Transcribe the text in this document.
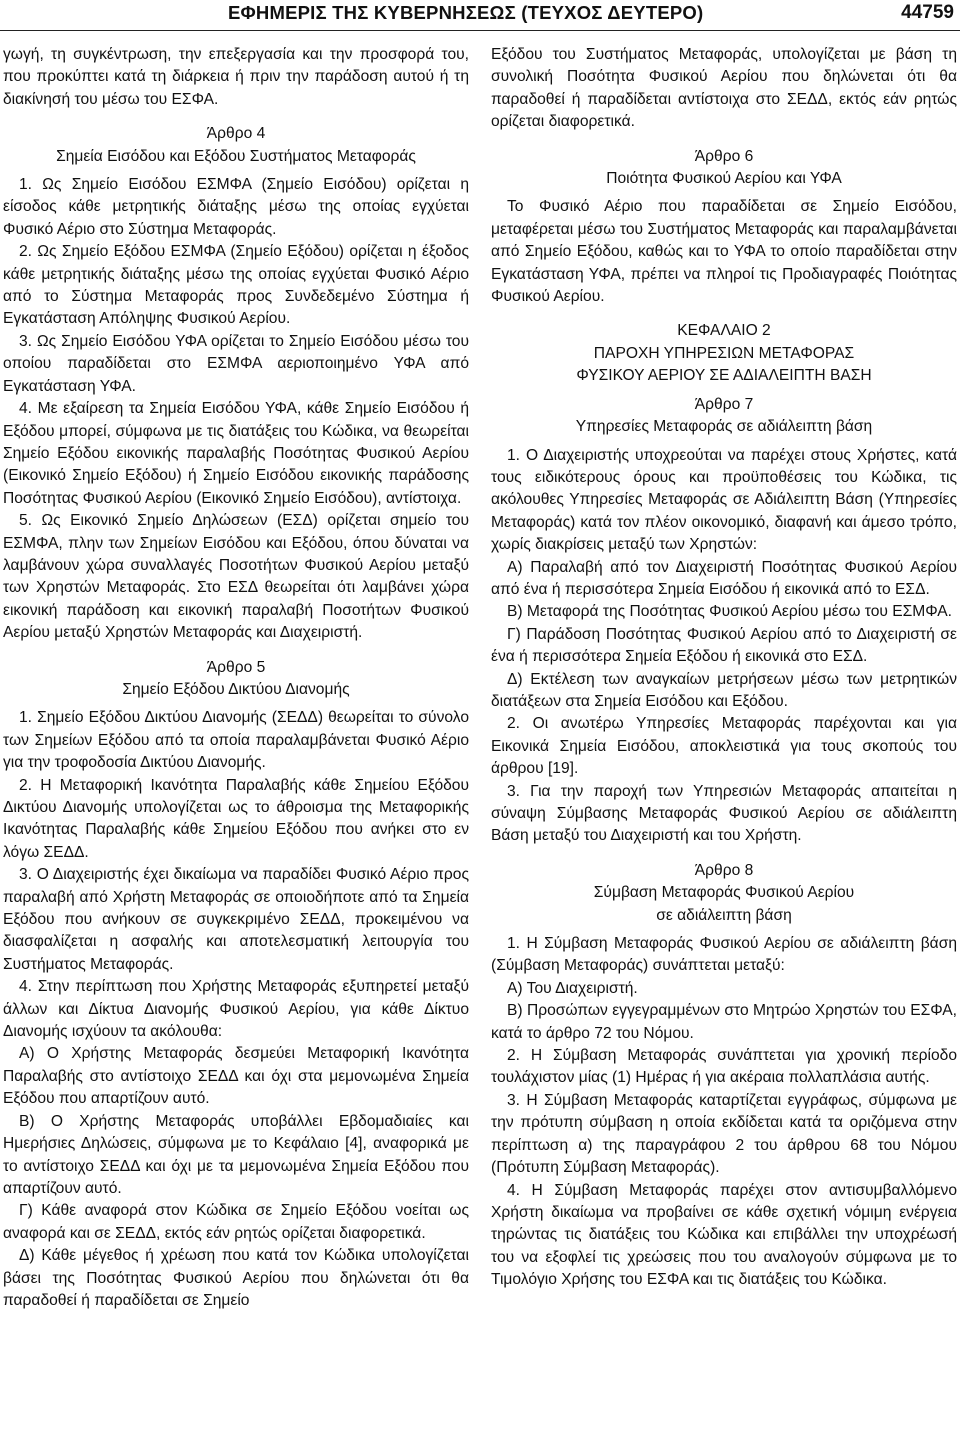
ΕΦΗΜΕΡΙΣ ΤΗΣ ΚΥΒΕΡΝΗΣΕΩΣ (ΤΕΥΧΟΣ ΔΕΥΤΕΡΟ)	44759

γωγή, τη συγκέντρωση, την επεξεργασία και την προσφορά του, που προκύπτει κατά τη διάρκεια ή πριν την παράδοση αυτού ή τη διακίνησή του μέσω του ΕΣΦΑ.

Άρθρο 4

Σημεία Εισόδου και Εξόδου Συστήματος Μεταφοράς

1. Ως Σημείο Εισόδου ΕΣΜΦΑ (Σημείο Εισόδου) ορίζεται η είσοδος κάθε μετρητικής διάταξης μέσω της οποίας εγχύεται Φυσικό Αέριο στο Σύστημα Μεταφοράς.

2. Ως Σημείο Εξόδου ΕΣΜΦΑ (Σημείο Εξόδου) ορίζεται η έξοδος κάθε μετρητικής διάταξης μέσω της οποίας εγχύεται Φυσικό Αέριο από το Σύστημα Μεταφοράς προς Συνδεδεμένο Σύστημα ή Εγκατάσταση Απόληψης Φυσικού Αερίου.

3. Ως Σημείο Εισόδου ΥΦΑ ορίζεται το Σημείο Εισόδου μέσω του οποίου παραδίδεται στο ΕΣΜΦΑ αεριοποιημένο ΥΦΑ από Εγκατάσταση ΥΦΑ.

4. Με εξαίρεση τα Σημεία Εισόδου ΥΦΑ, κάθε Σημείο Εισόδου ή Εξόδου μπορεί, σύμφωνα με τις διατάξεις του Κώδικα, να θεωρείται Σημείο Εξόδου εικονικής παραλαβής Ποσότητας Φυσικού Αερίου (Εικονικό Σημείο Εξόδου) ή Σημείο Εισόδου εικονικής παράδοσης Ποσότητας Φυσικού Αερίου (Εικονικό Σημείο Εισόδου), αντίστοιχα.

5. Ως Εικονικό Σημείο Δηλώσεων (ΕΣΔ) ορίζεται σημείο του ΕΣΜΦΑ, πλην των Σημείων Εισόδου και Εξόδου, όπου δύναται να λαμβάνουν χώρα συναλλαγές Ποσοτήτων Φυσικού Αερίου μεταξύ των Χρηστών Μεταφοράς. Στο ΕΣΔ θεωρείται ότι λαμβάνει χώρα εικονική παράδοση και εικονική παραλαβή Ποσοτήτων Φυσικού Αερίου μεταξύ Χρηστών Μεταφοράς και Διαχειριστή.

Άρθρο 5

Σημείο Εξόδου Δικτύου Διανομής

1. Σημείο Εξόδου Δικτύου Διανομής (ΣΕΔΔ) θεωρείται το σύνολο των Σημείων Εξόδου από τα οποία παραλαμβάνεται Φυσικό Αέριο για την τροφοδοσία Δικτύου Διανομής.

2. Η Μεταφορική Ικανότητα Παραλαβής κάθε Σημείου Εξόδου Δικτύου Διανομής υπολογίζεται ως το άθροισμα της Μεταφορικής Ικανότητας Παραλαβής κάθε Σημείου Εξόδου που ανήκει στο εν λόγω ΣΕΔΔ.

3. Ο Διαχειριστής έχει δικαίωμα να παραδίδει Φυσικό Αέριο προς παραλαβή από Χρήστη Μεταφοράς σε οποιοδήποτε από τα Σημεία Εξόδου που ανήκουν σε συγκεκριμένο ΣΕΔΔ, προκειμένου να διασφαλίζεται η ασφαλής και αποτελεσματική λειτουργία του Συστήματος Μεταφοράς.

4. Στην περίπτωση που Χρήστης Μεταφοράς εξυπηρετεί μεταξύ άλλων και Δίκτυα Διανομής Φυσικού Αερίου, για κάθε Δίκτυο Διανομής ισχύουν τα ακόλουθα:

Α) Ο Χρήστης Μεταφοράς δεσμεύει Μεταφορική Ικανότητα Παραλαβής στο αντίστοιχο ΣΕΔΔ και όχι στα μεμονωμένα Σημεία Εξόδου που απαρτίζουν αυτό.

Β) Ο Χρήστης Μεταφοράς υποβάλλει Εβδομαδιαίες και Ημερήσιες Δηλώσεις, σύμφωνα με το Κεφάλαιο [4], αναφορικά με το αντίστοιχο ΣΕΔΔ και όχι με τα μεμονωμένα Σημεία Εξόδου που απαρτίζουν αυτό.

Γ) Κάθε αναφορά στον Κώδικα σε Σημείο Εξόδου νοείται ως αναφορά και σε ΣΕΔΔ, εκτός εάν ρητώς ορίζεται διαφορετικά.

Δ) Κάθε μέγεθος ή χρέωση που κατά τον Κώδικα υπολογίζεται βάσει της Ποσότητας Φυσικού Αερίου που δηλώνεται ότι θα παραδοθεί ή παραδίδεται σε Σημείο

Εξόδου του Συστήματος Μεταφοράς, υπολογίζεται με βάση τη συνολική Ποσότητα Φυσικού Αερίου που δηλώνεται ότι θα παραδοθεί ή παραδίδεται αντίστοιχα στο ΣΕΔΔ, εκτός εάν ρητώς ορίζεται διαφορετικά.

Άρθρο 6

Ποιότητα Φυσικού Αερίου και ΥΦΑ

Το Φυσικό Αέριο που παραδίδεται σε Σημείο Εισόδου, μεταφέρεται μέσω του Συστήματος Μεταφοράς και παραλαμβάνεται από Σημείο Εξόδου, καθώς και το ΥΦΑ το οποίο παραδίδεται στην Εγκατάσταση ΥΦΑ, πρέπει να πληροί τις Προδιαγραφές Ποιότητας Φυσικού Αερίου.

ΚΕΦΑΛΑΙΟ 2

ΠΑΡΟΧΗ ΥΠΗΡΕΣΙΩΝ ΜΕΤΑΦΟΡΑΣ

ΦΥΣΙΚΟΥ ΑΕΡΙΟΥ ΣΕ ΑΔΙΑΛΕΙΠΤΗ ΒΑΣΗ

Άρθρο 7

Υπηρεσίες Μεταφοράς σε αδιάλειπτη βάση

1. Ο Διαχειριστής υποχρεούται να παρέχει στους Χρήστες, κατά τους ειδικότερους όρους και προϋποθέσεις του Κώδικα, τις ακόλουθες Υπηρεσίες Μεταφοράς σε Αδιάλειπτη Βάση (Υπηρεσίες Μεταφοράς) κατά τον πλέον οικονομικό, διαφανή και άμεσο τρόπο, χωρίς διακρίσεις μεταξύ των Χρηστών:

Α) Παραλαβή από τον Διαχειριστή Ποσότητας Φυσικού Αερίου από ένα ή περισσότερα Σημεία Εισόδου ή εικονικά από το ΕΣΔ.

Β) Μεταφορά της Ποσότητας Φυσικού Αερίου μέσω του ΕΣΜΦΑ.

Γ) Παράδοση Ποσότητας Φυσικού Αερίου από το Διαχειριστή σε ένα ή περισσότερα Σημεία Εξόδου ή εικονικά στο ΕΣΔ.

Δ) Εκτέλεση των αναγκαίων μετρήσεων μέσω των μετρητικών διατάξεων στα Σημεία Εισόδου και Εξόδου.

2. Οι ανωτέρω Υπηρεσίες Μεταφοράς παρέχονται και για Εικονικά Σημεία Εισόδου, αποκλειστικά για τους σκοπούς του άρθρου [19].

3. Για την παροχή των Υπηρεσιών Μεταφοράς απαιτείται η σύναψη Σύμβασης Μεταφοράς Φυσικού Αερίου σε αδιάλειπτη Βάση μεταξύ του Διαχειριστή και του Χρήστη.

Άρθρο 8

Σύμβαση Μεταφοράς Φυσικού Αερίου

σε αδιάλειπτη βάση

1. Η Σύμβαση Μεταφοράς Φυσικού Αερίου σε αδιάλειπτη βάση (Σύμβαση Μεταφοράς) συνάπτεται μεταξύ:

Α) Του Διαχειριστή.

Β) Προσώπων εγγεγραμμένων στο Μητρώο Χρηστών του ΕΣΦΑ, κατά το άρθρο 72 του Νόμου.

2. Η Σύμβαση Μεταφοράς συνάπτεται για χρονική περίοδο τουλάχιστον μίας (1) Ημέρας ή για ακέραια πολλαπλάσια αυτής.

3. Η Σύμβαση Μεταφοράς καταρτίζεται εγγράφως, σύμφωνα με την πρότυπη σύμβαση η οποία εκδίδεται κατά τα οριζόμενα στην περίπτωση α) της παραγράφου 2 του άρθρου 68 του Νόμου (Πρότυπη Σύμβαση Μεταφοράς).

4. Η Σύμβαση Μεταφοράς παρέχει στον αντισυμβαλλόμενο Χρήστη δικαίωμα να προβαίνει σε κάθε σχετική νόμιμη ενέργεια τηρώντας τις διατάξεις του Κώδικα και επιβάλλει την υποχρέωσή του να εξοφλεί τις χρεώσεις που του αναλογούν σύμφωνα με το Τιμολόγιο Χρήσης του ΕΣΦΑ και τις διατάξεις του Κώδικα.
